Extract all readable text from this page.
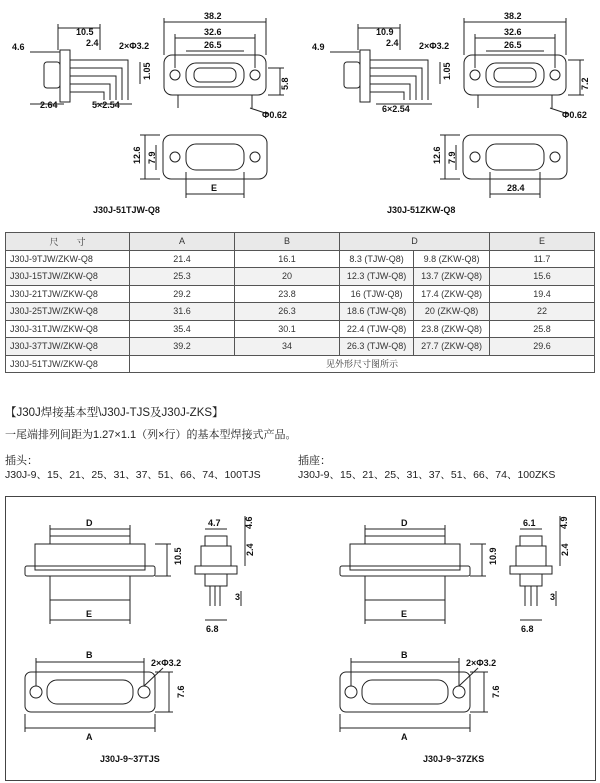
38.2
32.6
26.5
2×Φ3.2
10.5
2.4
4.6
1.05
2.64	5×2.54
5.8
Φ0.62
12.6 7.9
E
J30J-51TJW-Q8
38.2
32.6
26.5
2×Φ3.2
10.9
2.4
4.9
1.05
6×2.54
7.2
Φ0.62
12.6 7.9
28.4
J30J-51ZKW-Q8
尺　　寸	A	B	D		E
J30J-9TJW/ZKW-Q8	21.4	16.1	8.3 (TJW-Q8)	9.8 (ZKW-Q8)	11.7
J30J-15TJW/ZKW-Q8	25.3	20	12.3 (TJW-Q8)	13.7 (ZKW-Q8)	15.6
J30J-21TJW/ZKW-Q8	29.2	23.8	16 (TJW-Q8)	17.4 (ZKW-Q8)	19.4
J30J-25TJW/ZKW-Q8	31.6	26.3	18.6 (TJW-Q8)	20 (ZKW-Q8)	22
J30J-31TJW/ZKW-Q8	35.4	30.1	22.4 (TJW-Q8)	23.8 (ZKW-Q8)	25.8
J30J-37TJW/ZKW-Q8	39.2	34	26.3 (TJW-Q8)	27.7 (ZKW-Q8)	29.6
J30J-51TJW/ZKW-Q8	见外形尺寸图所示				
【J30J焊接基本型\J30J-TJS及J30J-ZKS】
一尾端排列间距为1.27×1.1（列×行）的基本型焊接式产品。
插头：
J30J-9、15、21、25、31、37、51、66、74、100TJS
插座：
J30J-9、15、21、25、31、37、51、66、74、100ZKS
D
E
10.5
4.7	4.6
2.4
3
6.8
B
A
2×Φ3.2
7.6
J30J-9~37TJS
D
E
10.9
6.1	4.9
2.4
3
6.8
B
A
2×Φ3.2
7.6
J30J-9~37ZKS
